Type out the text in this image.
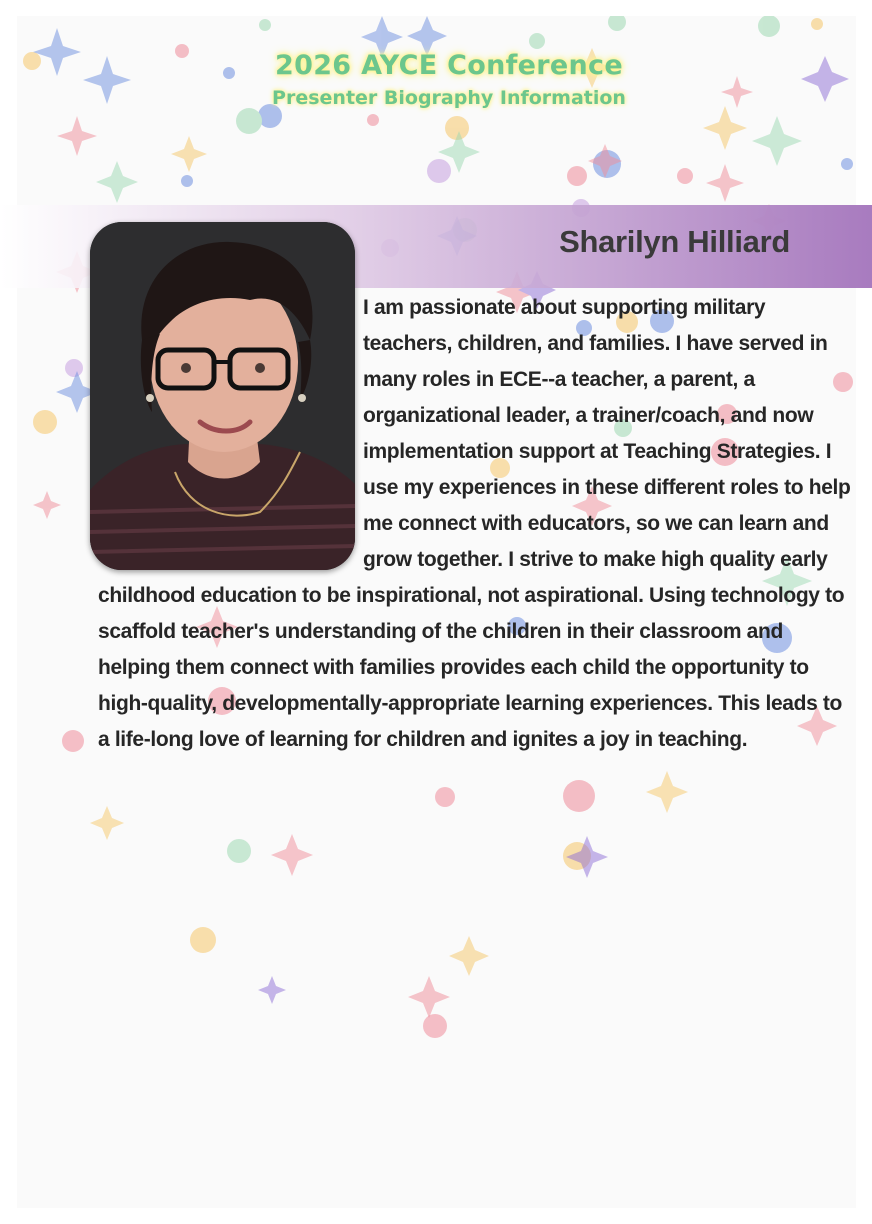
2026 AYCE Conference
Presenter Biography Information
Sharilyn Hilliard

I am passionate about supporting military teachers, children, and families. I have served in many roles in ECE--a teacher, a parent, a organizational leader, a trainer/coach, and now implementation support at Teaching Strategies. I use my experiences in these different roles to help me connect with educators, so we can learn and grow together. I strive to make high quality early childhood education to be inspirational, not aspirational. Using technology to scaffold teacher's understanding of the children in their classroom and helping them connect with families provides each child the opportunity to high-quality, developmentally-appropriate learning experiences. This leads to a life-long love of learning for children and ignites a joy in teaching.
